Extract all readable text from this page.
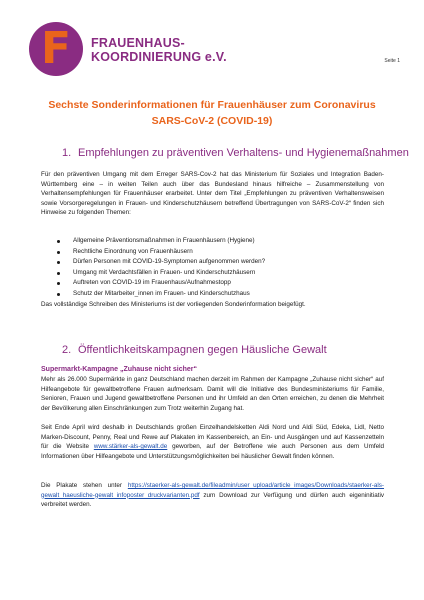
F	FRAUENHAUS-
KOORDINIERUNG e.V.	Seite 1
Sechste Sonderinformationen für Frauenhäuser zum Coronavirus
SARS-CoV-2 (COVID-19)
1. Empfehlungen zu präventiven Verhaltens- und Hygienemaßnahmen
Für den präventiven Umgang mit dem Erreger SARS-Cov-2 hat das Ministerium für Soziales und Integration Baden-Württemberg eine – in weiten Teilen auch über das Bundesland hinaus hilfreiche – Zusammenstellung von Verhaltensempfehlungen für Frauenhäuser erarbeitet. Unter dem Titel „Empfehlungen zu präventiven Verhaltensweisen sowie Vorsorgeregelungen in Frauen- und Kinderschutzhäusern betreffend Übertragungen von SARS-CoV-2“ finden sich Hinweise zu folgenden Themen:
Allgemeine Präventionsmaßnahmen in Frauenhäusern (Hygiene)
Rechtliche Einordnung von Frauenhäusern
Dürfen Personen mit COVID-19-Symptomen aufgenommen werden?
Umgang mit Verdachtsfällen in Frauen- und Kinderschutzhäusern
Auftreten von COVID-19 im Frauenhaus/Aufnahmestopp
Schutz der Mitarbeiter_innen im Frauen- und Kinderschutzhaus
Das vollständige Schreiben des Ministeriums ist der vorliegenden Sonderinformation beigefügt.
2. Öffentlichkeitskampagnen gegen Häusliche Gewalt
Supermarkt-Kampagne „Zuhause nicht sicher“
Mehr als 26.000 Supermärkte in ganz Deutschland machen derzeit im Rahmen der Kampagne „Zuhause nicht sicher“ auf Hilfeangebote für gewaltbetroffene Frauen aufmerksam. Damit will die Initiative des Bundesministeriums für Familie, Senioren, Frauen und Jugend gewaltbetroffene Personen und ihr Umfeld an den Orten erreichen, zu denen die Mehrheit der Bevölkerung allen Einschränkungen zum Trotz weiterhin Zugang hat.
Seit Ende April wird deshalb in Deutschlands großen Einzelhandelsketten Aldi Nord und Aldi Süd, Edeka, Lidl, Netto Marken-Discount, Penny, Real und Rewe auf Plakaten im Kassenbereich, an Ein- und Ausgängen und auf Kassenzetteln für die Website www.stärker-als-gewalt.de geworben, auf der Betroffene wie auch Personen aus dem Umfeld Informationen über Hilfeangebote und Unterstützungsmöglichkeiten bei häuslicher Gewalt finden können.
Die Plakate stehen unter https://staerker-als-gewalt.de/fileadmin/user_upload/article_images/Downloads/staerker-als-gewalt_haeusliche-gewalt_infoposter_druckvarianten.pdf zum Download zur Verfügung und dürfen auch eigeninitiativ verbreitet werden.
